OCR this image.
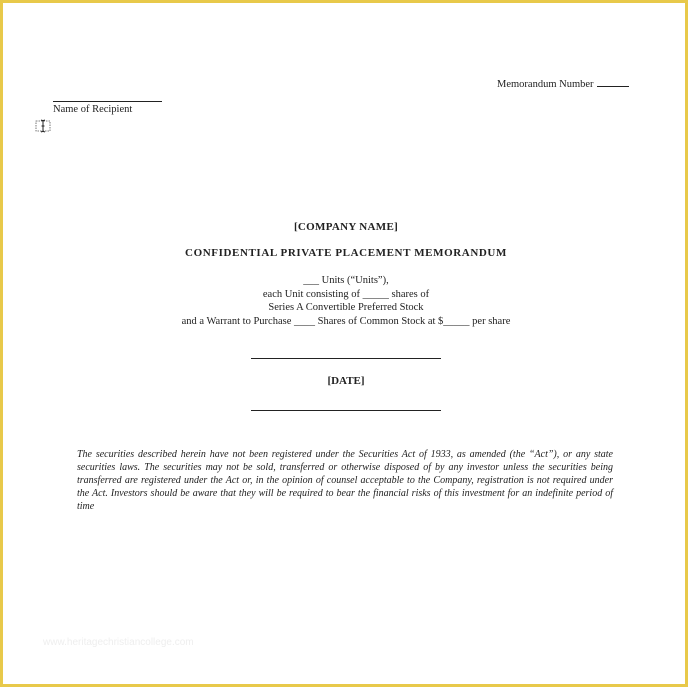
Memorandum Number
Name of Recipient
[COMPANY NAME]
CONFIDENTIAL PRIVATE PLACEMENT MEMORANDUM
___ Units (“Units”),
each Unit consisting of _____ shares of
Series A Convertible Preferred Stock
and a Warrant to Purchase ____ Shares of Common Stock at $_____ per share
[DATE]
The securities described herein have not been registered under the Securities Act of 1933, as amended (the “Act”), or any state securities laws. The securities may not be sold, transferred or otherwise disposed of by any investor unless the securities being transferred are registered under the Act or, in the opinion of counsel acceptable to the Company, registration is not required under the Act. Investors should be aware that they will be required to bear the financial risks of this investment for an indefinite period of time
www.heritagechristiancollege.com
